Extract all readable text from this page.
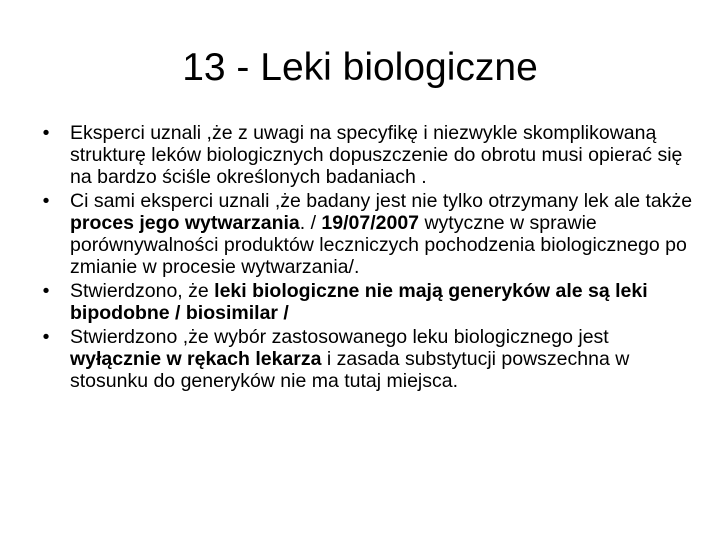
13 - Leki biologiczne
•	Eksperci uznali ,że z uwagi na specyfikę i niezwykle skomplikowaną strukturę leków biologicznych dopuszczenie do obrotu musi opierać się na bardzo ściśle określonych badaniach .
•	Ci sami eksperci uznali ,że badany jest nie tylko otrzymany lek ale także proces jego wytwarzania. / 19/07/2007 wytyczne w sprawie porównywalności produktów leczniczych pochodzenia biologicznego po zmianie w procesie wytwarzania/.
•	Stwierdzono, że leki biologiczne nie mają generyków ale są leki bipodobne / biosimilar /
•	Stwierdzono ,że wybór zastosowanego leku biologicznego jest wyłącznie w rękach lekarza i zasada substytucji powszechna w stosunku do generyków nie ma tutaj miejsca.
